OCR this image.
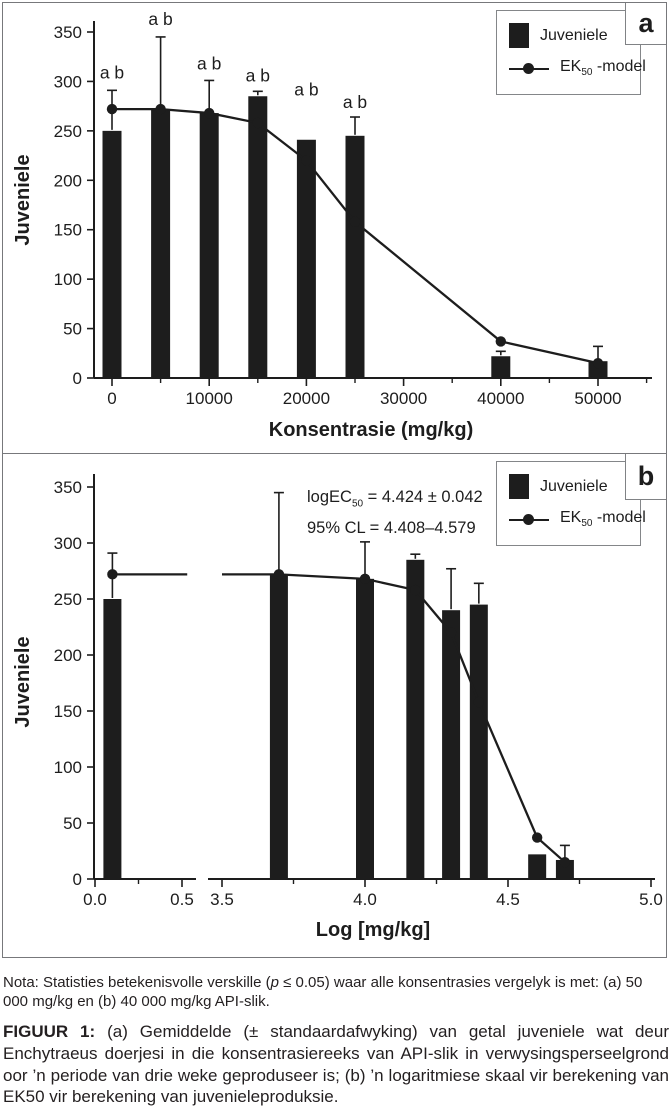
0
50
100
150
200
250
300
350
0	10000	20000	30000	40000	50000
a b
a b
a b
a b
a b
a b
Konsentrasie (mg/kg)
Juveniele
Juveniele
$EK_{50}$ -model
a
0
50
100
150
200
250
300
350
0.0	0.5 3.5	4.0	4.5	5.0
Log [mg/kg]
Juveniele
logEC$_{50}$ = 4.424 ± 0.042
95% CL = 4.408–4.579
Juveniele
$EK_{50}$ -model
b

Nota: Statisties betekenisvolle verskille (p ≤ 0.05) waar alle konsentrasies vergelyk is met: (a) 50 000 mg/kg en (b) 40 000 mg/kg API-slik.

FIGUUR 1: (a) Gemiddelde (± standaardafwyking) van getal juveniele wat deur Enchytraeus doerjesi in die konsentrasiereeks van API-slik in verwysingsperseelgrond oor ’n periode van drie weke geproduseer is; (b) ’n logaritmiese skaal vir berekening van EK50 vir berekening van juvenieleproduksie.
